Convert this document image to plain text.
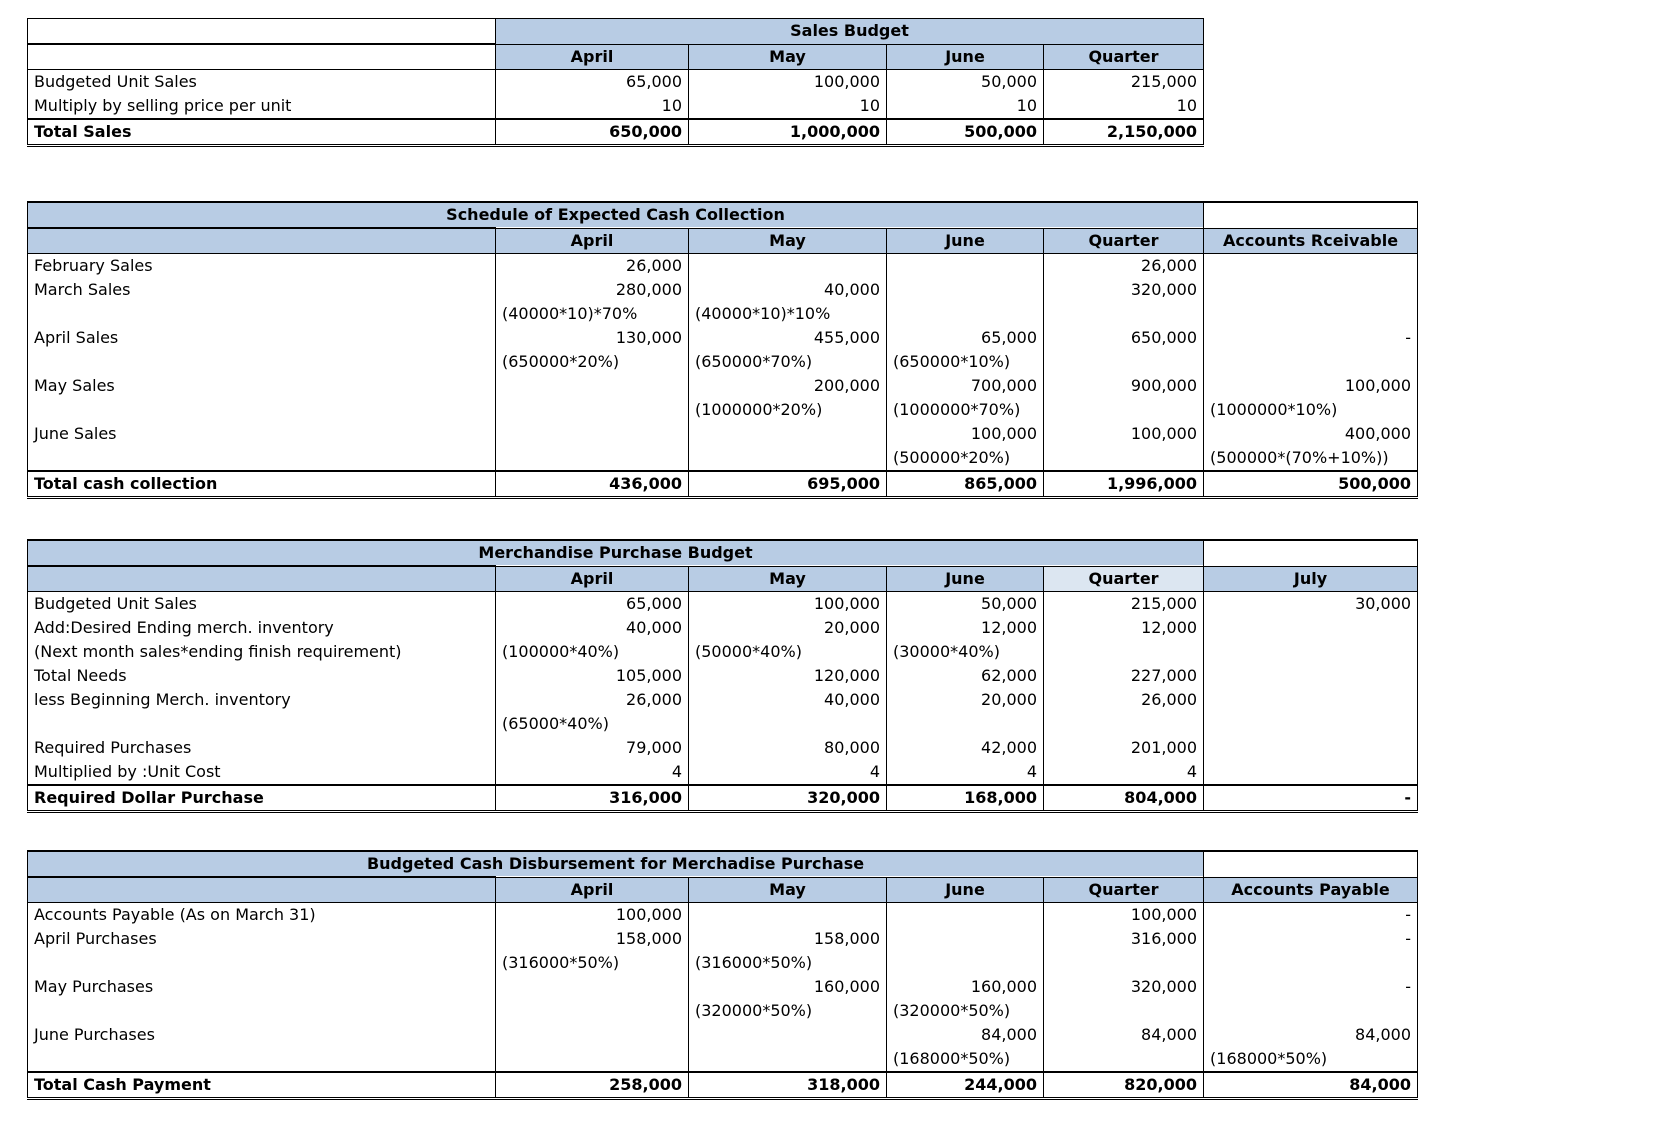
	Sales Budget			
	April	May	June	Quarter
Budgeted Unit Sales	65,000	100,000	50,000	215,000
Multiply by selling price per unit	10	10	10	10
Total Sales	650,000	1,000,000	500,000	2,150,000
Schedule of Expected Cash Collection					
	April	May	June	Quarter	Accounts Rceivable
February Sales	26,000			26,000	
March Sales	280,000	40,000		320,000	
	(40000*10)*70%	(40000*10)*10%			
April Sales	130,000	455,000	65,000	650,000	-
	(650000*20%)	(650000*70%)	(650000*10%)		
May Sales		200,000	700,000	900,000	100,000
		(1000000*20%)	(1000000*70%)		(1000000*10%)
June Sales			100,000	100,000	400,000
			(500000*20%)		(500000*(70%+10%))
Total cash collection	436,000	695,000	865,000	1,996,000	500,000
Merchandise Purchase Budget					
	April	May	June	Quarter	July
Budgeted Unit Sales	65,000	100,000	50,000	215,000	30,000
Add:Desired Ending merch. inventory	40,000	20,000	12,000	12,000	
(Next month sales*ending finish requirement)	(100000*40%)	(50000*40%)	(30000*40%)		
Total Needs	105,000	120,000	62,000	227,000	
less Beginning Merch. inventory	26,000	40,000	20,000	26,000	
	(65000*40%)				
Required Purchases	79,000	80,000	42,000	201,000	
Multiplied by :Unit Cost	4	4	4	4	
Required Dollar Purchase	316,000	320,000	168,000	804,000	-
Budgeted Cash Disbursement for Merchadise Purchase					
	April	May	June	Quarter	Accounts Payable
Accounts Payable (As on March 31)	100,000			100,000	-
April Purchases	158,000	158,000		316,000	-
	(316000*50%)	(316000*50%)			
May Purchases		160,000	160,000	320,000	-
		(320000*50%)	(320000*50%)		
June Purchases			84,000	84,000	84,000
			(168000*50%)		(168000*50%)
Total Cash Payment	258,000	318,000	244,000	820,000	84,000
